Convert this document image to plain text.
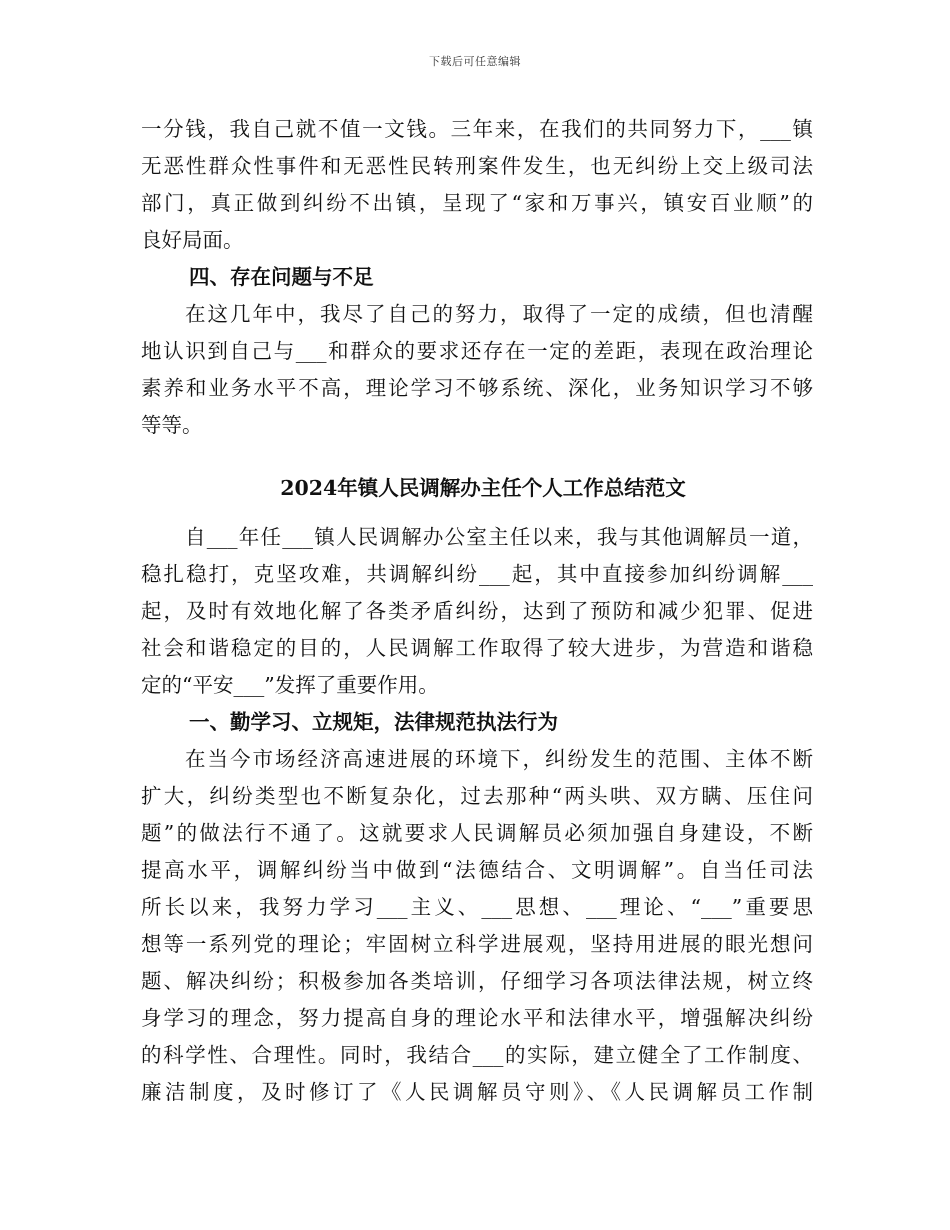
下载后可任意编辑
一分钱，我自己就不值一文钱。三年来，在我们的共同努力下，___镇
无恶性群众性事件和无恶性民转刑案件发生，也无纠纷上交上级司法
部门，真正做到纠纷不出镇，呈现了“家和万事兴，镇安百业顺”的
良好局面。
四、存在问题与不足
在这几年中，我尽了自己的努力，取得了一定的成绩，但也清醒
地认识到自己与___和群众的要求还存在一定的差距，表现在政治理论
素养和业务水平不高，理论学习不够系统、深化，业务知识学习不够
等等。
2024年镇人民调解办主任个人工作总结范文
自___年任___镇人民调解办公室主任以来，我与其他调解员一道，
稳扎稳打，克坚攻难，共调解纠纷___起，其中直接参加纠纷调解___
起，及时有效地化解了各类矛盾纠纷，达到了预防和减少犯罪、促进
社会和谐稳定的目的，人民调解工作取得了较大进步，为营造和谐稳
定的“平安___”发挥了重要作用。
一、勤学习、立规矩，法律规范执法行为
在当今市场经济高速进展的环境下，纠纷发生的范围、主体不断
扩大，纠纷类型也不断复杂化，过去那种“两头哄、双方瞒、压住问
题”的做法行不通了。这就要求人民调解员必须加强自身建设，不断
提高水平，调解纠纷当中做到“法德结合、文明调解”。自当任司法
所长以来，我努力学习___主义、___思想、___理论、“___”重要思
想等一系列党的理论；牢固树立科学进展观，坚持用进展的眼光想问
题、解决纠纷；积极参加各类培训，仔细学习各项法律法规，树立终
身学习的理念，努力提高自身的理论水平和法律水平，增强解决纠纷
的科学性、合理性。同时，我结合___的实际，建立健全了工作制度、
廉洁制度，及时修订了《人民调解员守则》、《人民调解员工作制
